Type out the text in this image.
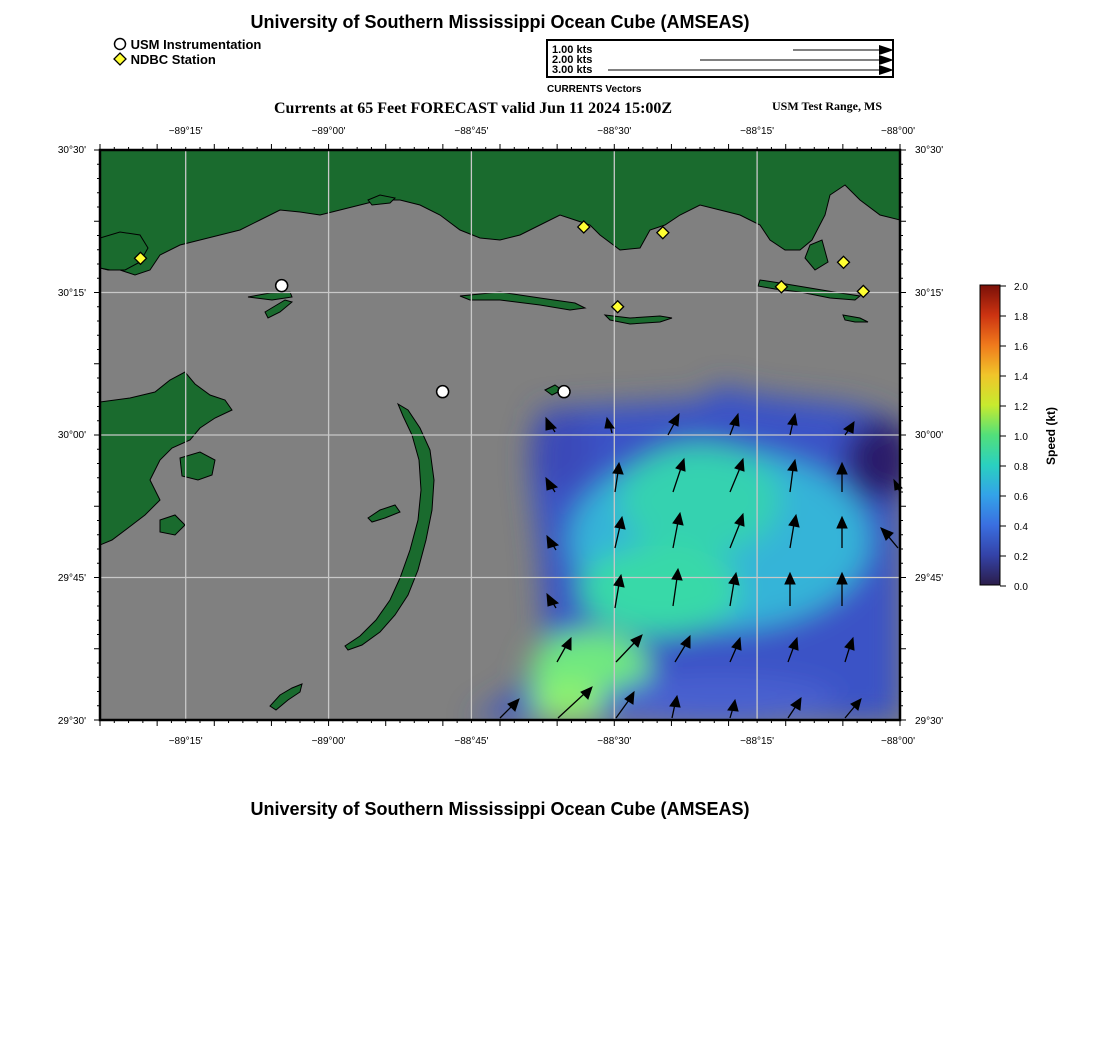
University of Southern Mississippi Ocean Cube (AMSEAS)
USM Instrumentation
NDBC Station
1.00 kts
2.00 kts
3.00 kts
CURRENTS Vectors
Currents at 65 Feet FORECAST valid Jun 11 2024 15:00Z	USM Test Range, MS
−89°15'	−89°00'	−88°45'	−88°30'	−88°15'	−88°00'
−89°15'	−89°00'	−88°45'	−88°30'	−88°15'	−88°00'
30°30'
30°15'
30°00'
29°45'
29°30'
30°30'
30°15'
30°00'
29°45'
29°30'
2.0
1.8
1.6
1.4
1.2
1.0
0.8
0.6
0.4
0.2
0.0
Speed (kt)
University of Southern Mississippi Ocean Cube (AMSEAS)
